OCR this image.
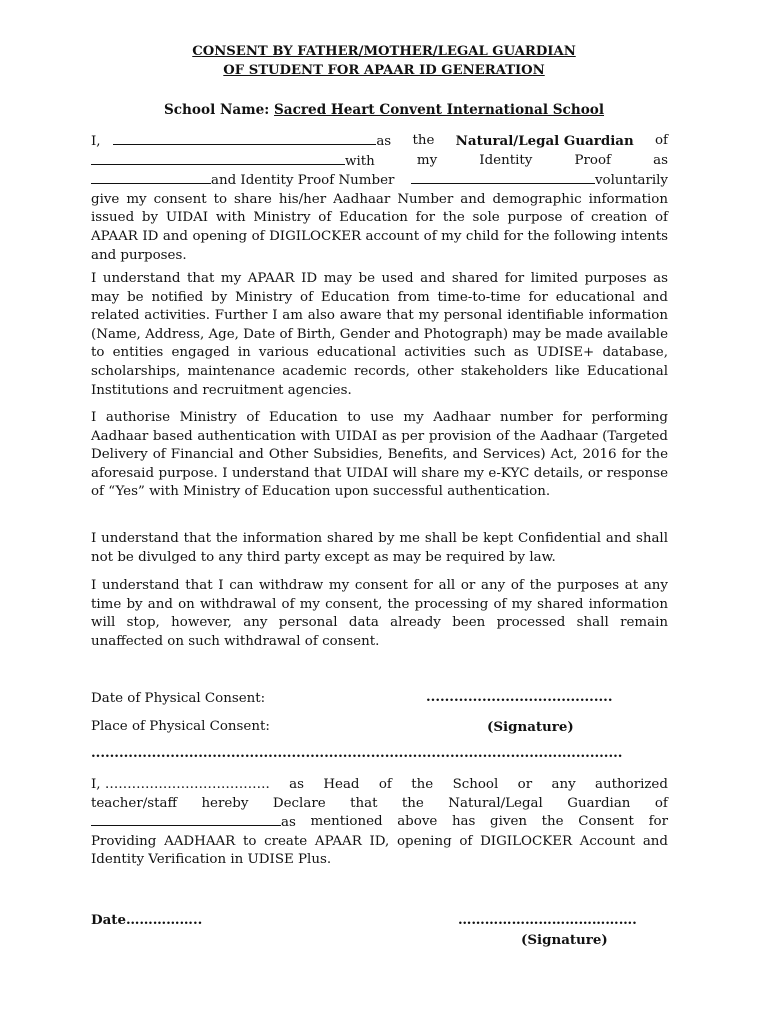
CONSENT BY FATHER/MOTHER/LEGAL GUARDIAN
OF STUDENT FOR APAAR ID GENERATION
School Name: Sacred Heart Convent International School
I,	as the Natural/Legal Guardian of
with	my	Identity	Proof	as
and Identity Proof Number	voluntarily
give my consent to share his/her Aadhaar Number and demographic information issued by UIDAI with Ministry of Education for the sole purpose of creation of APAAR ID and opening of DIGILOCKER account of my child for the following intents and purposes.
I understand that my APAAR ID may be used and shared for limited purposes as may be notified by Ministry of Education from time-to-time for educational and related activities. Further I am also aware that my personal identifiable information (Name, Address, Age, Date of Birth, Gender and Photograph) may be made available to entities engaged in various educational activities such as UDISE+ database, scholarships, maintenance academic records, other stakeholders like Educational Institutions and recruitment agencies.
I authorise Ministry of Education to use my Aadhaar number for performing Aadhaar based authentication with UIDAI as per provision of the Aadhaar (Targeted Delivery of Financial and Other Subsidies, Benefits, and Services) Act, 2016 for the aforesaid purpose. I understand that UIDAI will share my e-KYC details, or response of “Yes” with Ministry of Education upon successful authentication.
I understand that the information shared by me shall be kept Confidential and shall not be divulged to any third party except as may be required by law.
I understand that I can withdraw my consent for all or any of the purposes at any time by and on withdrawal of my consent, the processing of my shared information will stop, however, any personal data already been processed shall remain unaffected on such withdrawal of consent.
Date of Physical Consent:	........................................
Place of Physical Consent:	(Signature)
..................................................................................................................
I, ………………………………. as Head of the School or any authorized
teacher/staff hereby Declare that the Natural/Legal Guardian of
as mentioned above has given the Consent for
Providing AADHAAR to create APAAR ID, opening of DIGILOCKER Account and Identity Verification in UDISE Plus.
Date……………..	………………………………….
(Signature)
